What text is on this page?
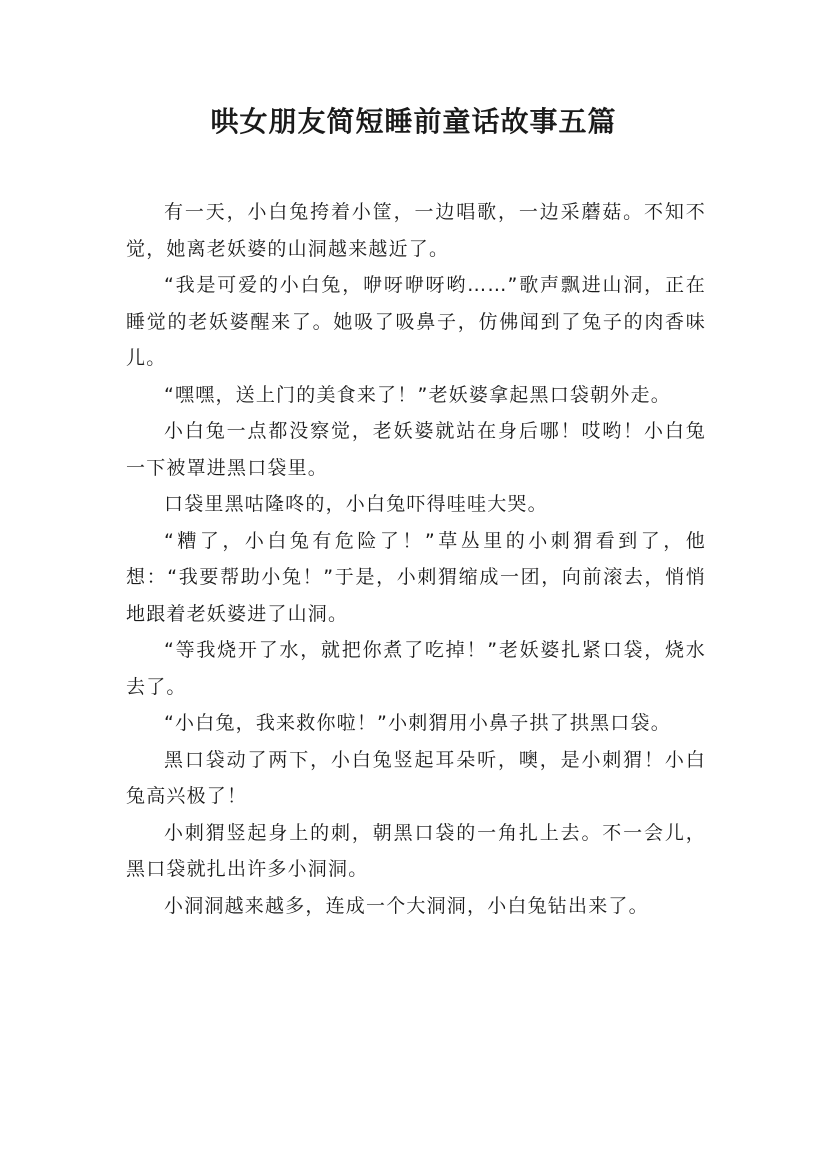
哄女朋友简短睡前童话故事五篇

有一天，小白兔挎着小筐，一边唱歌，一边采蘑菇。不知不觉，她离老妖婆的山洞越来越近了。

“我是可爱的小白兔，咿呀咿呀哟……”歌声飘进山洞，正在睡觉的老妖婆醒来了。她吸了吸鼻子，仿佛闻到了兔子的肉香味儿。

“嘿嘿，送上门的美食来了！”老妖婆拿起黑口袋朝外走。

小白兔一点都没察觉，老妖婆就站在身后哪！哎哟！小白兔一下被罩进黑口袋里。

口袋里黑咕隆咚的，小白兔吓得哇哇大哭。

“糟了，小白兔有危险了！”草丛里的小刺猬看到了，他想：“我要帮助小兔！”于是，小刺猬缩成一团，向前滚去，悄悄地跟着老妖婆进了山洞。

“等我烧开了水，就把你煮了吃掉！”老妖婆扎紧口袋，烧水去了。

“小白兔，我来救你啦！”小刺猬用小鼻子拱了拱黑口袋。

黑口袋动了两下，小白兔竖起耳朵听，噢，是小刺猬！小白兔高兴极了！

小刺猬竖起身上的刺，朝黑口袋的一角扎上去。不一会儿，黑口袋就扎出许多小洞洞。

小洞洞越来越多，连成一个大洞洞，小白兔钻出来了。
